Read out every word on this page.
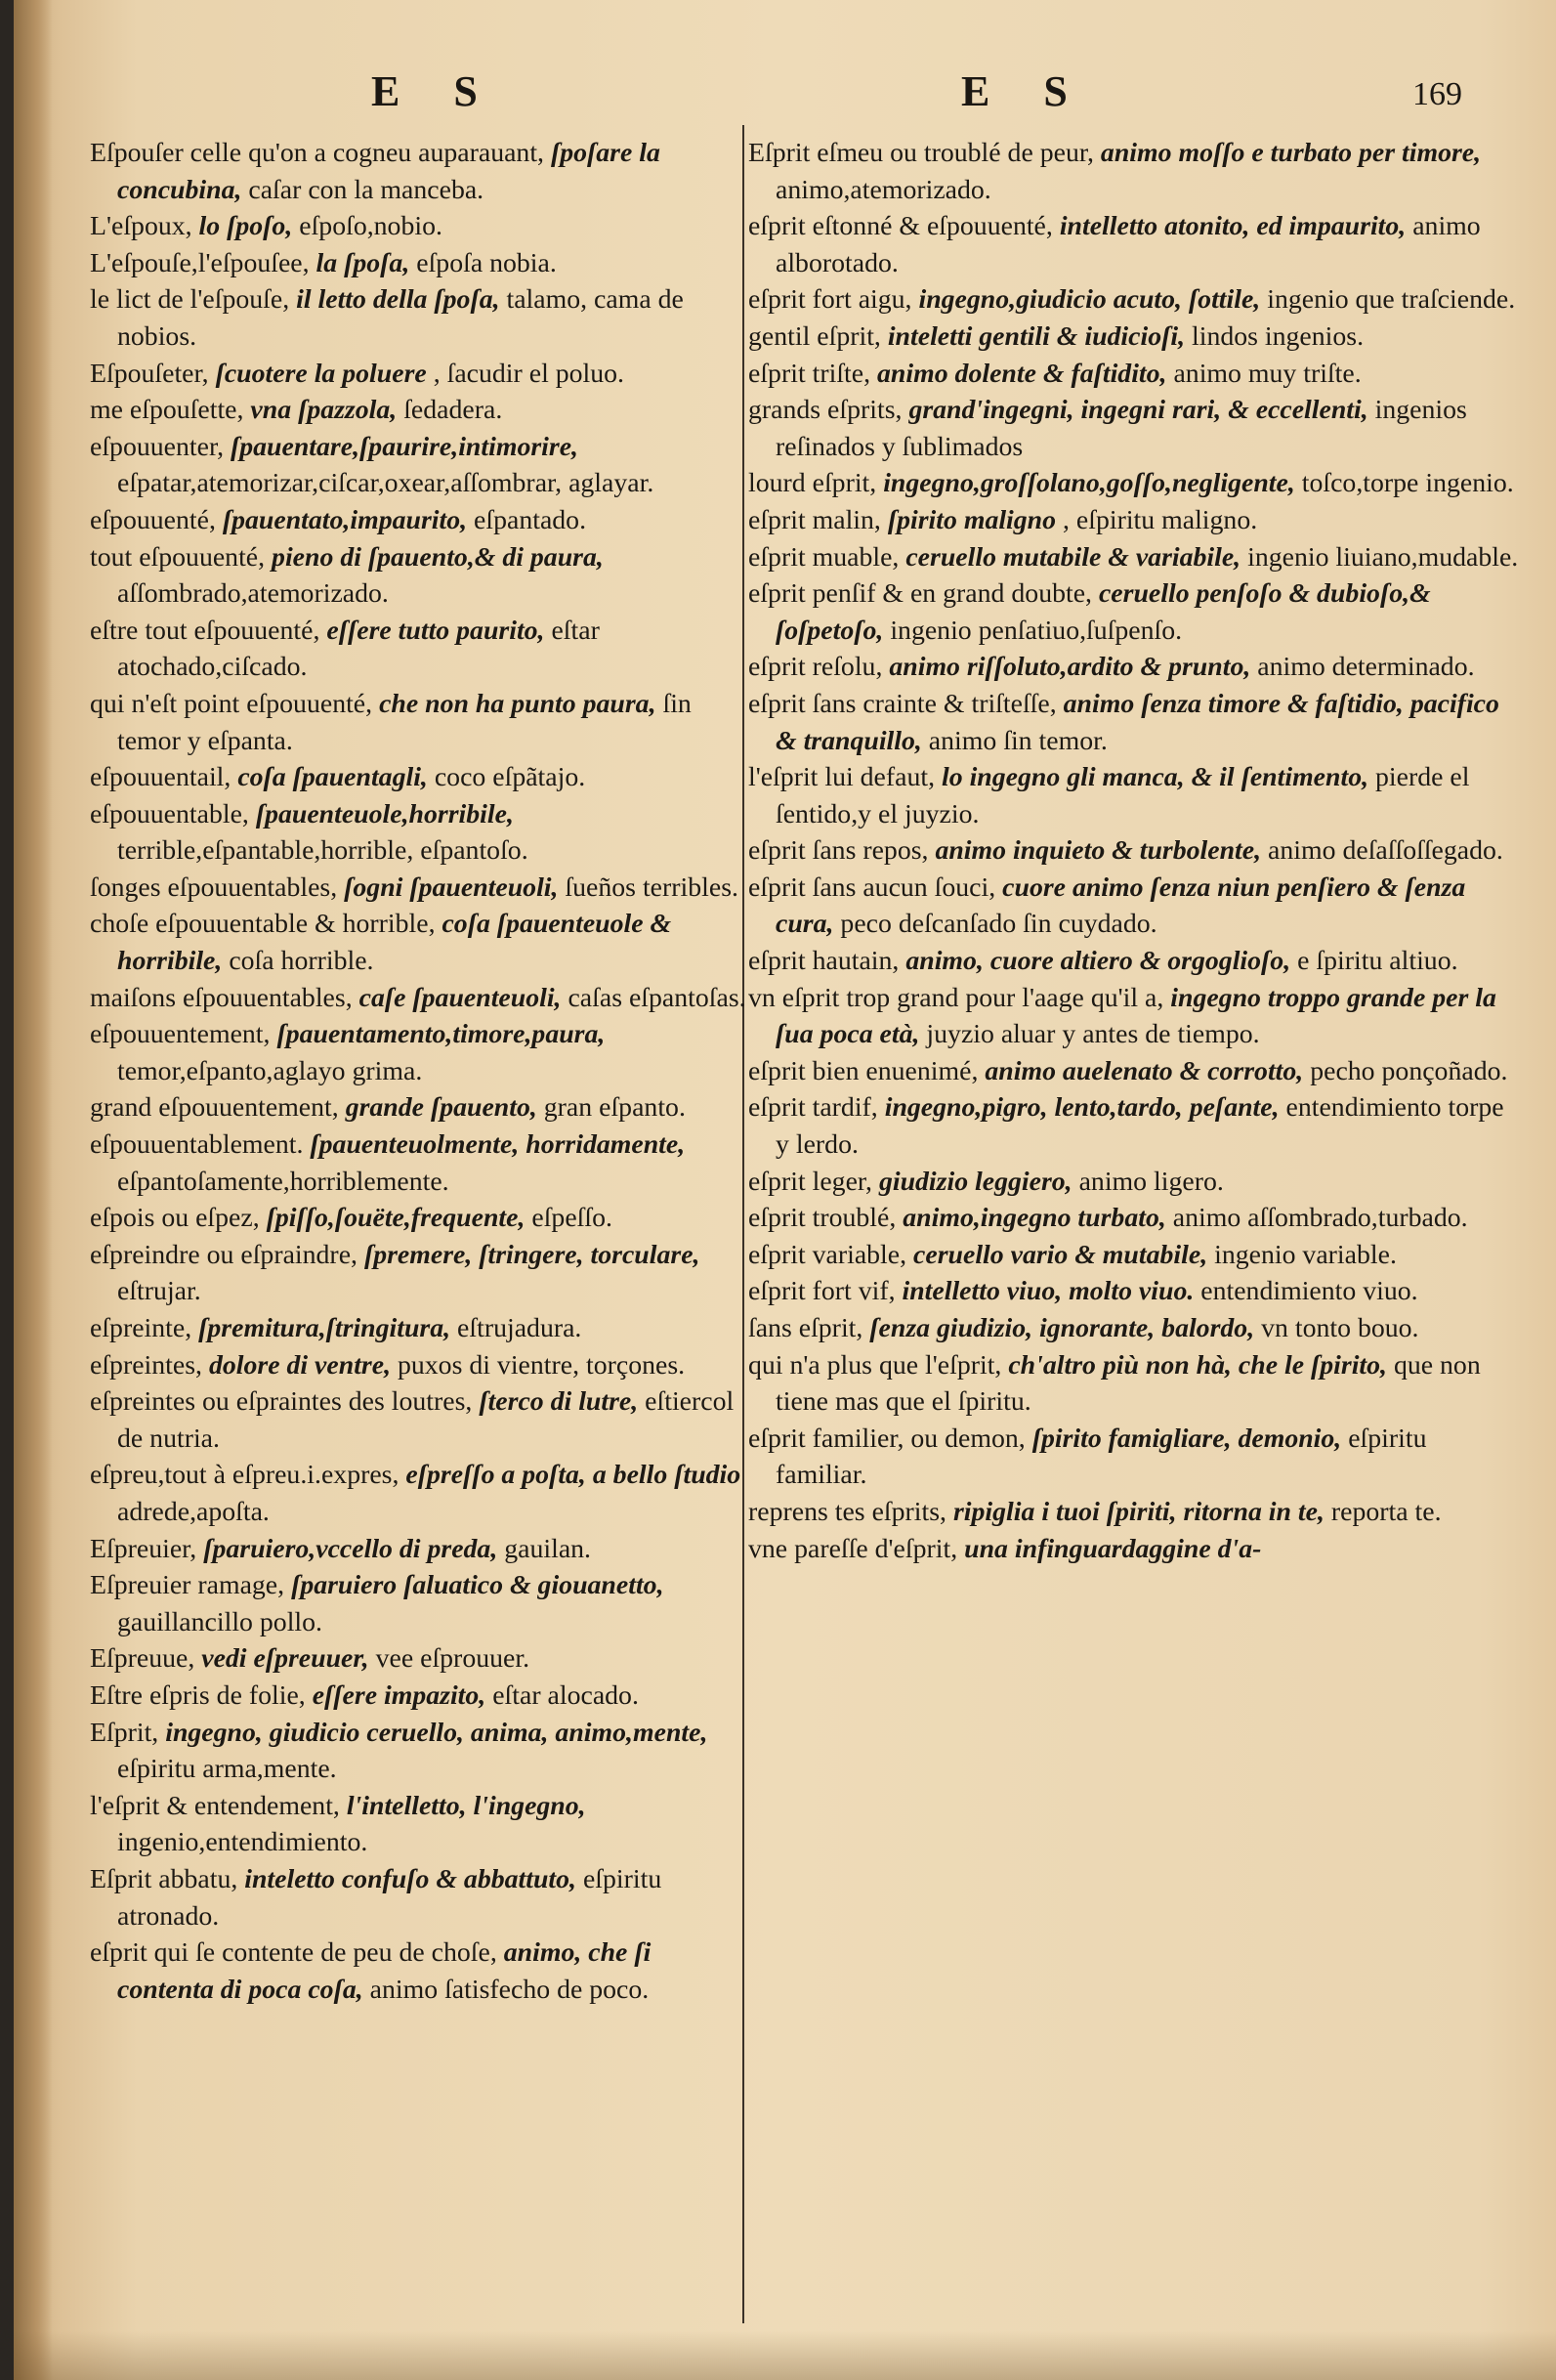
E S	E S	169

Eſpouſer celle qu'on a cogneu auparauant, ſpoſare la concubina, caſar con la manceba.

L'eſpoux, lo ſpoſo, eſpoſo,nobio.

L'eſpouſe,l'eſpouſee, la ſpoſa, eſpoſa nobia.

le lict de l'eſpouſe, il letto della ſpoſa, talamo, cama de nobios.

Eſpouſeter, ſcuotere la poluere , ſacudir el poluo.

me eſpouſette, vna ſpazzola, ſedadera.

eſpouuenter, ſpauentare,ſpaurire,intimorire, eſpatar,atemorizar,ciſcar,oxear,aſſombrar, aglayar.

eſpouuenté, ſpauentato,impaurito, eſpantado.

tout eſpouuenté, pieno di ſpauento,& di paura, aſſombrado,atemorizado.

eſtre tout eſpouuenté, eſſere tutto paurito, eſtar atochado,ciſcado.

qui n'eſt point eſpouuenté, che non ha punto paura, ſin temor y eſpanta.

eſpouuentail, coſa ſpauentagli, coco eſpãtajo.

eſpouuentable, ſpauenteuole,horribile, terrible,eſpantable,horrible, eſpantoſo.

ſonges eſpouuentables, ſogni ſpauenteuoli, ſueños terribles.

choſe eſpouuentable & horrible, coſa ſpauenteuole & horribile, coſa horrible.

maiſons eſpouuentables, caſe ſpauenteuoli, caſas eſpantoſas.

eſpouuentement, ſpauentamento,timore,paura, temor,eſpanto,aglayo grima.

grand eſpouuentement, grande ſpauento, gran eſpanto.

eſpouuentablement. ſpauenteuolmente, horridamente, eſpantoſamente,horriblemente.

eſpois ou eſpez, ſpiſſo,ſouëte,frequente, eſpeſſo.

eſpreindre ou eſpraindre, ſpremere, ſtringere, torculare, eſtrujar.

eſpreinte, ſpremitura,ſtringitura, eſtrujadura.

eſpreintes, dolore di ventre, puxos di vientre, torçones.

eſpreintes ou eſpraintes des loutres, ſterco di lutre, eſtiercol de nutria.

eſpreu,tout à eſpreu.i.expres, eſpreſſo a poſta, a bello ſtudio adrede,apoſta.

Eſpreuier, ſparuiero,vccello di preda, gauilan.

Eſpreuier ramage, ſparuiero ſaluatico & giouanetto, gauillancillo pollo.

Eſpreuue, vedi eſpreuuer, vee eſprouuer.

Eſtre eſpris de folie, eſſere impazito, eſtar alocado.

Eſprit, ingegno, giudicio ceruello, anima, animo,mente, eſpiritu arma,mente.

l'eſprit & entendement, l'intelletto, l'ingegno, ingenio,entendimiento.

Eſprit abbatu, inteletto confuſo & abbattuto, eſpiritu atronado.

eſprit qui ſe contente de peu de choſe, animo, che ſi contenta di poca coſa, animo ſatisfecho de poco.

Eſprit eſmeu ou troublé de peur, animo moſſo e turbato per timore, animo,atemorizado.

eſprit eſtonné & eſpouuenté, intelletto atonito, ed impaurito, animo alborotado.

eſprit fort aigu, ingegno,giudicio acuto, ſottile, ingenio que traſciende.

gentil eſprit, inteletti gentili & iudicioſi, lindos ingenios.

eſprit triſte, animo dolente & faſtidito, animo muy triſte.

grands eſprits, grand'ingegni, ingegni rari, & eccellenti, ingenios reſinados y ſublimados

lourd eſprit, ingegno,groſſolano,goſſo,negligente, toſco,torpe ingenio.

eſprit malin, ſpirito maligno , eſpiritu maligno.

eſprit muable, ceruello mutabile & variabile, ingenio liuiano,mudable.

eſprit penſif & en grand doubte, ceruello penſoſo & dubioſo,& ſoſpetoſo, ingenio penſatiuo,ſuſpenſo.

eſprit reſolu, animo riſſoluto,ardito & prunto, animo determinado.

eſprit ſans crainte & triſteſſe, animo ſenza timore & faſtidio, pacifico & tranquillo, animo ſin temor.

l'eſprit lui defaut, lo ingegno gli manca, & il ſentimento, pierde el ſentido,y el juyzio.

eſprit ſans repos, animo inquieto & turbolente, animo deſaſſoſſegado.

eſprit ſans aucun ſouci, cuore animo ſenza niun penſiero & ſenza cura, peco deſcanſado ſin cuydado.

eſprit hautain, animo, cuore altiero & orgoglioſo, e ſpiritu altiuo.

vn eſprit trop grand pour l'aage qu'il a, ingegno troppo grande per la ſua poca età, juyzio aluar y antes de tiempo.

eſprit bien enuenimé, animo auelenato & corrotto, pecho ponçoñado.

eſprit tardif, ingegno,pigro, lento,tardo, peſante, entendimiento torpe y lerdo.

eſprit leger, giudizio leggiero, animo ligero.

eſprit troublé, animo,ingegno turbato, animo aſſombrado,turbado.

eſprit variable, ceruello vario & mutabile, ingenio variable.

eſprit fort vif, intelletto viuo, molto viuo. entendimiento viuo.

ſans eſprit, ſenza giudizio, ignorante, balordo, vn tonto bouo.

qui n'a plus que l'eſprit, ch'altro più non hà, che le ſpirito, que non tiene mas que el ſpiritu.

eſprit familier, ou demon, ſpirito famigliare, demonio, eſpiritu familiar.

reprens tes eſprits, ripiglia i tuoi ſpiriti, ritorna in te, reporta te.

vne pareſſe d'eſprit, una infinguardaggine d'a-
